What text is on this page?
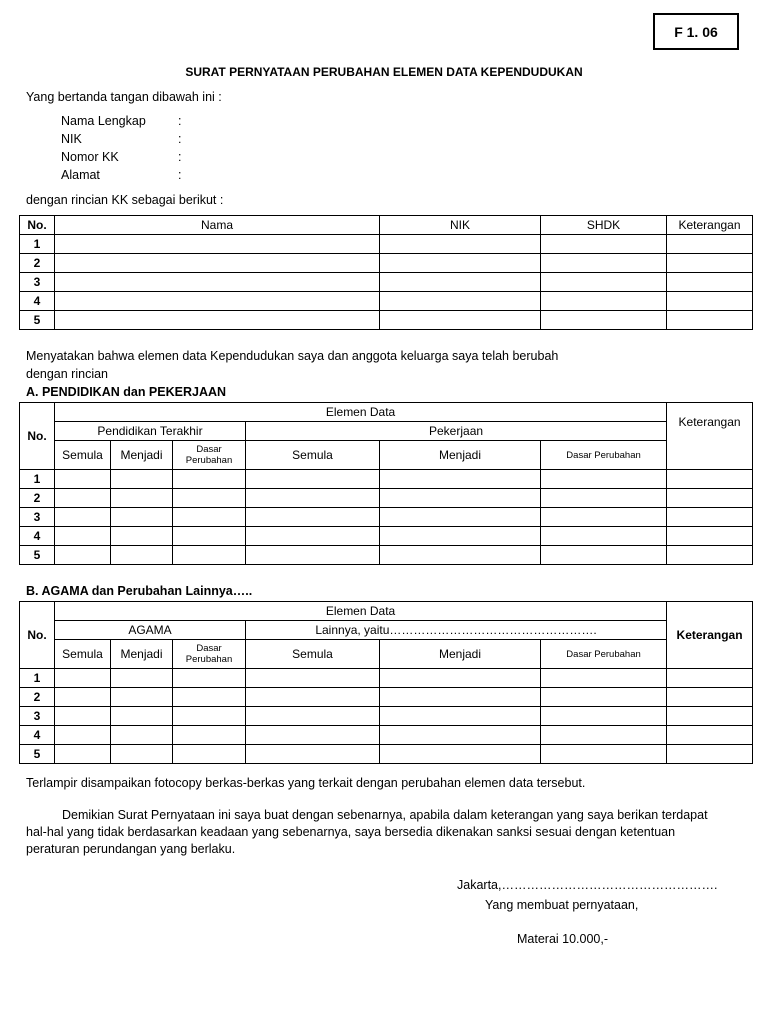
F 1. 06
SURAT PERNYATAAN PERUBAHAN ELEMEN DATA KEPENDUDUKAN
Yang bertanda tangan dibawah ini :
Nama Lengkap	:
NIK	:
Nomor KK	:
Alamat	:
dengan rincian KK sebagai berikut :
No.	Nama	NIK	SHDK	Keterangan
1				
2				
3				
4				
5				
Menyatakan bahwa elemen data Kependudukan saya dan anggota keluarga saya telah berubah
dengan rincian
A. PENDIDIKAN dan PEKERJAAN
No.	Elemen Data						Keterangan
	Pendidikan Terakhir			Pekerjaan			
	Semula	Menjadi	Dasar Perubahan	Semula	Menjadi	Dasar Perubahan	
1							
2							
3							
4							
5							
B. AGAMA dan Perubahan Lainnya…..
No.	Elemen Data						Keterangan
	AGAMA			Lainnya, yaitu…………………………………………….			
	Semula	Menjadi	Dasar Perubahan	Semula	Menjadi	Dasar Perubahan	
1							
2							
3							
4							
5							
Terlampir disampaikan fotocopy berkas-berkas yang terkait dengan perubahan elemen data tersebut.
Demikian Surat Pernyataan ini saya buat dengan sebenarnya, apabila dalam keterangan yang saya berikan terdapat
hal-hal yang tidak berdasarkan keadaan yang sebenarnya, saya bersedia dikenakan sanksi sesuai dengan ketentuan
peraturan perundangan yang berlaku.
Jakarta,…………………………………………….
Yang membuat pernyataan,
Materai 10.000,-
